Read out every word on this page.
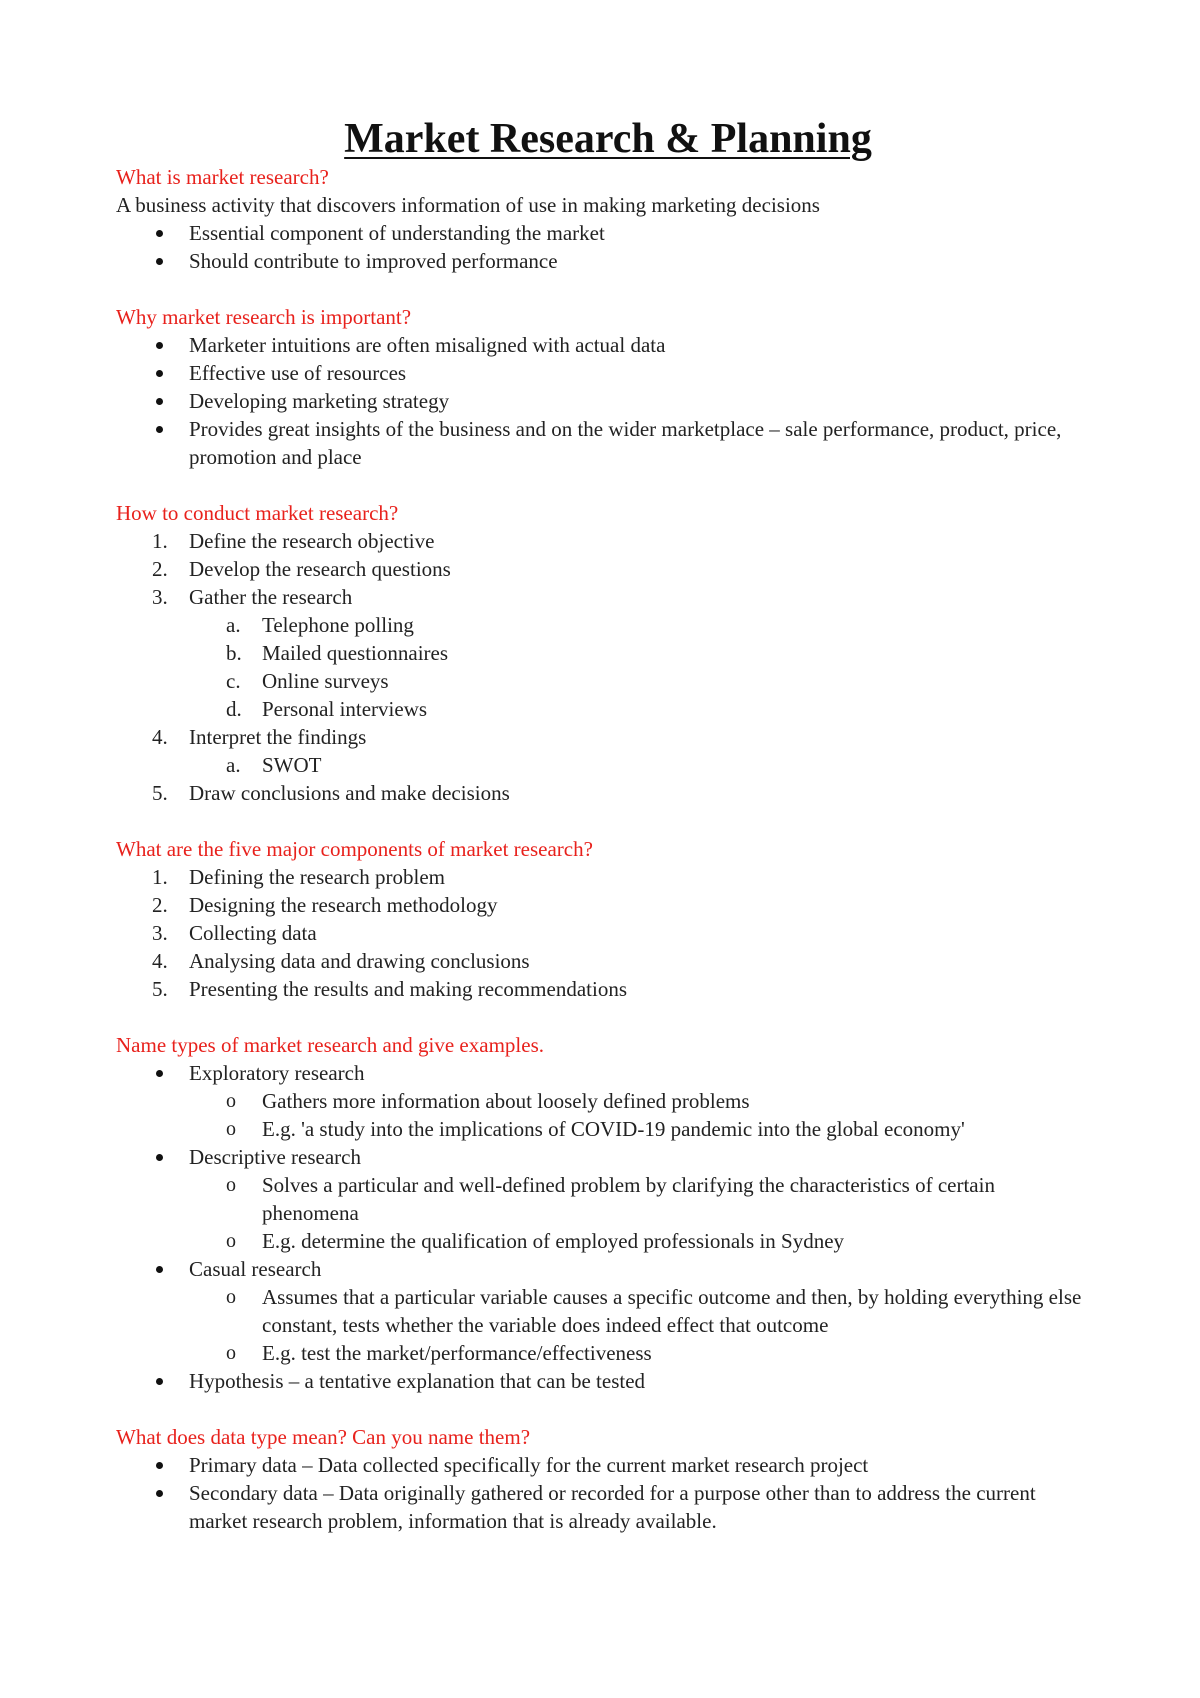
Market Research & Planning

What is market research?

A business activity that discovers information of use in making marketing decisions

Essential component of understanding the market
Should contribute to improved performance

Why market research is important?

Marketer intuitions are often misaligned with actual data
Effective use of resources
Developing marketing strategy
Provides great insights of the business and on the wider marketplace – sale performance, product, price, promotion and place

How to conduct market research?

1. Define the research objective
2. Develop the research questions
3. Gather the research
a. Telephone polling
b. Mailed questionnaires
c. Online surveys
d. Personal interviews
4. Interpret the findings
a. SWOT
5. Draw conclusions and make decisions

What are the five major components of market research?

1. Defining the research problem
2. Designing the research methodology
3. Collecting data
4. Analysing data and drawing conclusions
5. Presenting the results and making recommendations

Name types of market research and give examples.

Exploratory research
o Gathers more information about loosely defined problems
o E.g. 'a study into the implications of COVID-19 pandemic into the global economy'
Descriptive research
o Solves a particular and well-defined problem by clarifying the characteristics of certain phenomena
o E.g. determine the qualification of employed professionals in Sydney
Casual research
o Assumes that a particular variable causes a specific outcome and then, by holding everything else constant, tests whether the variable does indeed effect that outcome
o E.g. test the market/performance/effectiveness
Hypothesis – a tentative explanation that can be tested

What does data type mean? Can you name them?

Primary data – Data collected specifically for the current market research project
Secondary data – Data originally gathered or recorded for a purpose other than to address the current market research problem, information that is already available.
